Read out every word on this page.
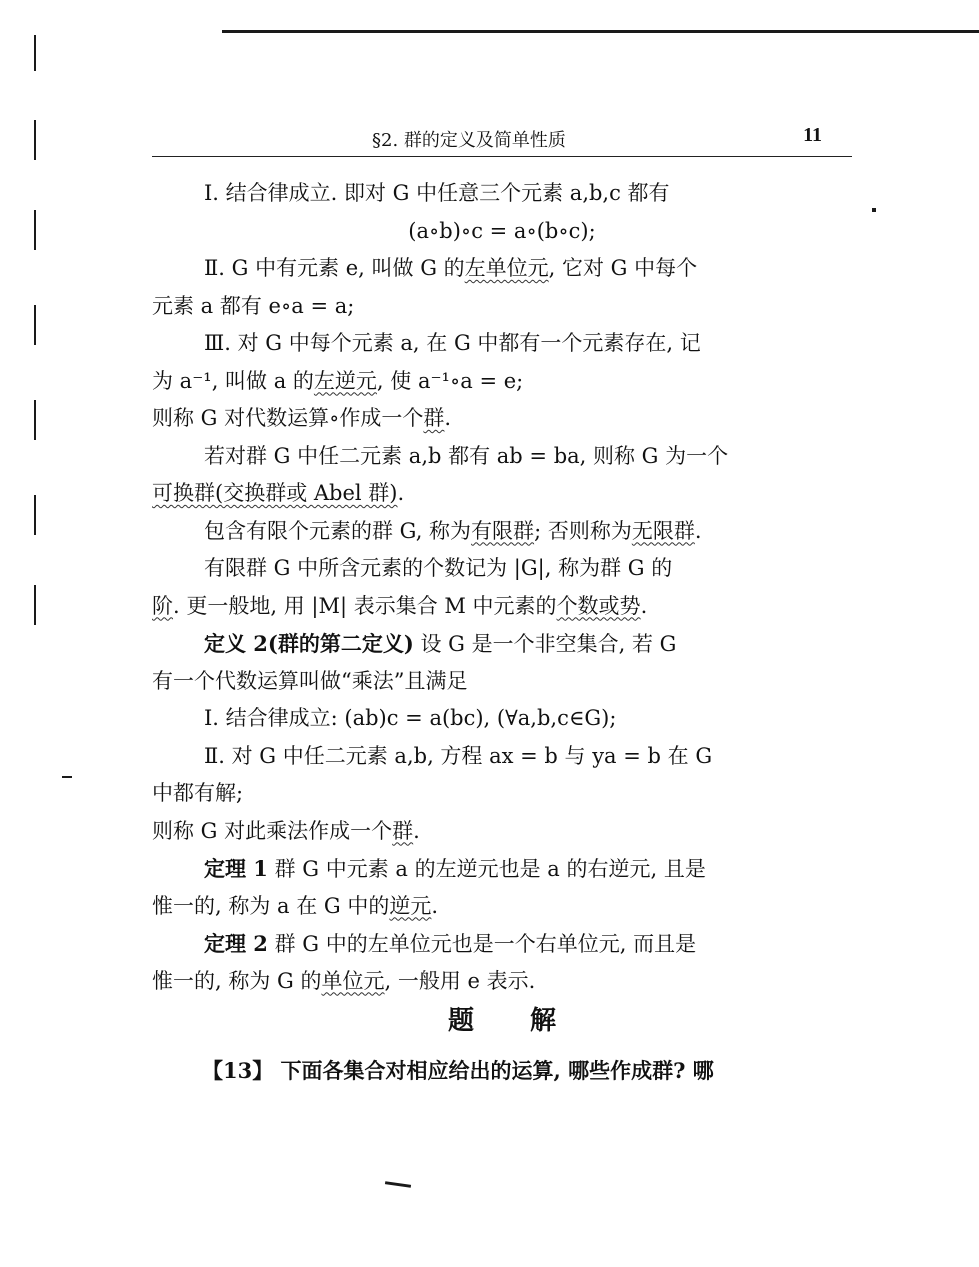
§2. 群的定义及简单性质	11
Ⅰ. 结合律成立. 即对 G 中任意三个元素 a,b,c 都有
(a∘b)∘c = a∘(b∘c);
Ⅱ. G 中有元素 e, 叫做 G 的左单位元, 它对 G 中每个
元素 a 都有 e∘a = a;
Ⅲ. 对 G 中每个元素 a, 在 G 中都有一个元素存在, 记
为 a⁻¹, 叫做 a 的左逆元, 使 a⁻¹∘a = e;
则称 G 对代数运算∘作成一个群.
若对群 G 中任二元素 a,b 都有 ab = ba, 则称 G 为一个
可换群(交换群或 Abel 群).
包含有限个元素的群 G, 称为有限群; 否则称为无限群.
有限群 G 中所含元素的个数记为 |G|, 称为群 G 的
阶. 更一般地, 用 |M| 表示集合 M 中元素的个数或势.
定义 2(群的第二定义) 设 G 是一个非空集合, 若 G
有一个代数运算叫做“乘法”且满足
Ⅰ. 结合律成立: (ab)c = a(bc), (∀a,b,c∈G);
Ⅱ. 对 G 中任二元素 a,b, 方程 ax = b 与 ya = b 在 G
中都有解;
则称 G 对此乘法作成一个群.
定理 1 群 G 中元素 a 的左逆元也是 a 的右逆元, 且是
惟一的, 称为 a 在 G 中的逆元.
定理 2 群 G 中的左单位元也是一个右单位元, 而且是
惟一的, 称为 G 的单位元, 一般用 e 表示.
题解
【13】 下面各集合对相应给出的运算, 哪些作成群? 哪
